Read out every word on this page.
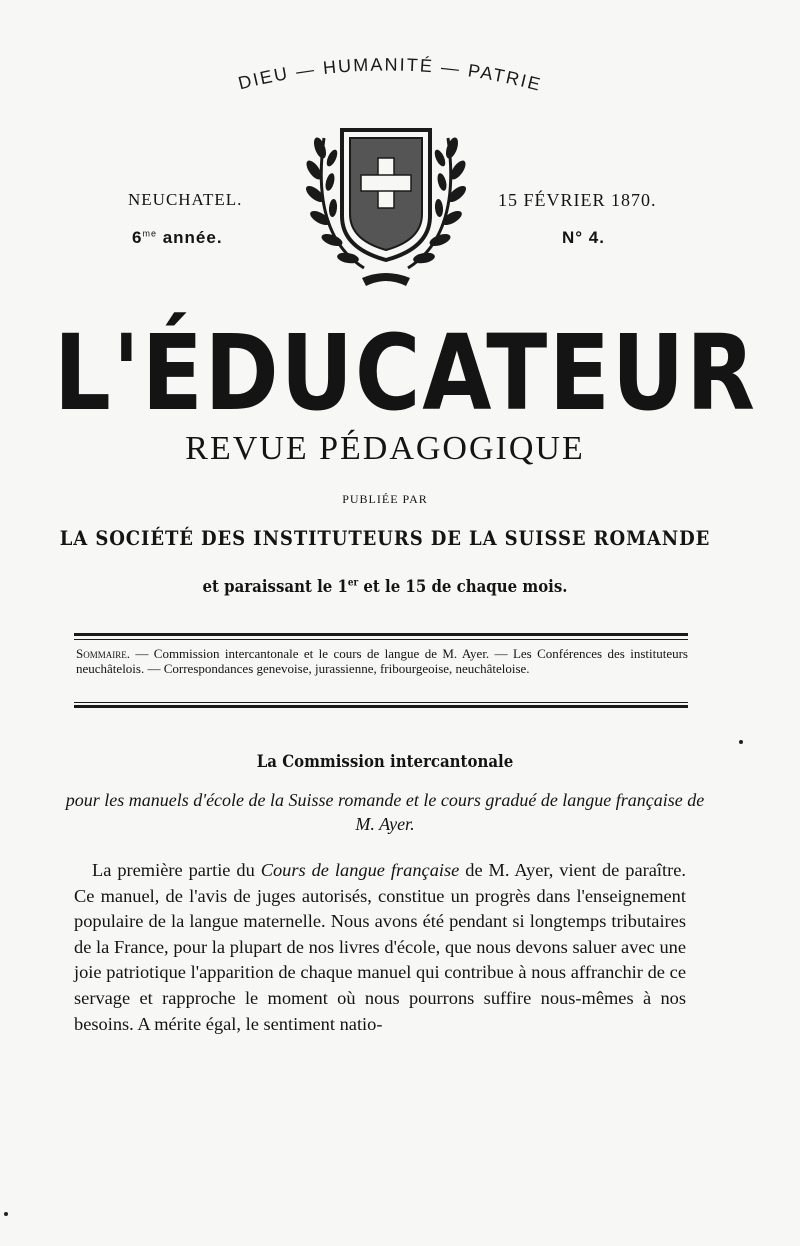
DIEU — HUMANITÉ — PATRIE
NEUCHATEL.
$6^{me}$ année.
15 FÉVRIER 1870.
N° 4.
L'ÉDUCATEUR
REVUE PÉDAGOGIQUE
PUBLIÉE PAR
LA SOCIÉTÉ DES INSTITUTEURS DE LA SUISSE ROMANDE
et paraissant le 1er et le 15 de chaque mois.
Sommaire. — Commission intercantonale et le cours de langue de M. Ayer. — Les Conférences des instituteurs neuchâtelois. — Correspondances genevoise, jurassienne, fribourgeoise, neuchâteloise.
La Commission intercantonale
pour les manuels d'école de la Suisse romande et le cours gradué de langue française de M. Ayer.

La première partie du Cours de langue française de M. Ayer, vient de paraître. Ce manuel, de l'avis de juges autorisés, constitue un progrès dans l'enseignement populaire de la langue maternelle. Nous avons été pendant si longtemps tributaires de la France, pour la plupart de nos livres d'école, que nous devons saluer avec une joie patriotique l'apparition de chaque manuel qui contribue à nous affranchir de ce servage et rapproche le moment où nous pourrons suffire nous-mêmes à nos besoins. A mérite égal, le sentiment natio-
